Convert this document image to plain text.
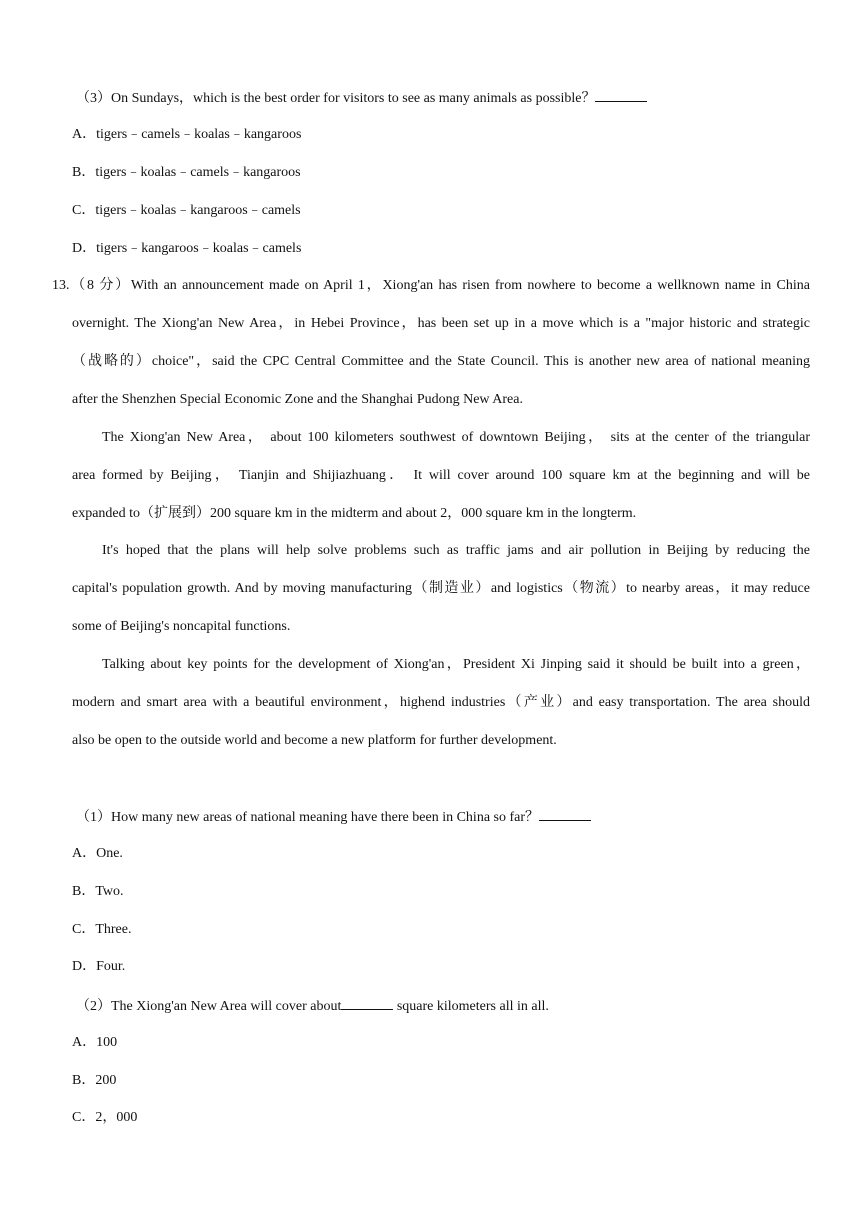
（3）On Sundays，which is the best order for visitors to see as many animals as possible？
A．tigers﹣camels﹣koalas﹣kangaroos
B．tigers﹣koalas﹣camels﹣kangaroos
C．tigers﹣koalas﹣kangaroos﹣camels
D．tigers﹣kangaroos﹣koalas﹣camels
13.（8 分）With an announcement made on April 1，Xiong'an has risen from nowhere to become a wellknown name in China
overnight. The Xiong'an New Area，in Hebei Province，has been set up in a move which is a "major historic and strategic
（战略的）choice"，said the CPC Central Committee and the State Council. This is another new area of national meaning
after the Shenzhen Special Economic Zone and the Shanghai Pudong New Area.
The Xiong'an New Area， about 100 kilometers southwest of downtown Beijing， sits at the center of the triangular
area formed by Beijing， Tianjin and Shijiazhuang． It will cover around 100 square km at the beginning and will be
expanded to（扩展到）200 square km in the midterm and about 2，000 square km in the longterm.
It's hoped that the plans will help solve problems such as traffic jams and air pollution in Beijing by reducing the
capital's population growth. And by moving manufacturing（制造业）and logistics（物流）to nearby areas，it may reduce
some of Beijing's noncapital functions.
Talking about key points for the development of Xiong'an，President Xi Jinping said it should be built into a green，
modern and smart area with a beautiful environment，highend industries（产业）and easy transportation. The area should
also be open to the outside world and become a new platform for further development.
（1）How many new areas of national meaning have there been in China so far？
A．One.
B．Two.
C．Three.
D．Four.
（2）The Xiong'an New Area will cover about	square kilometers all in all.
A．100
B．200
C．2，000
